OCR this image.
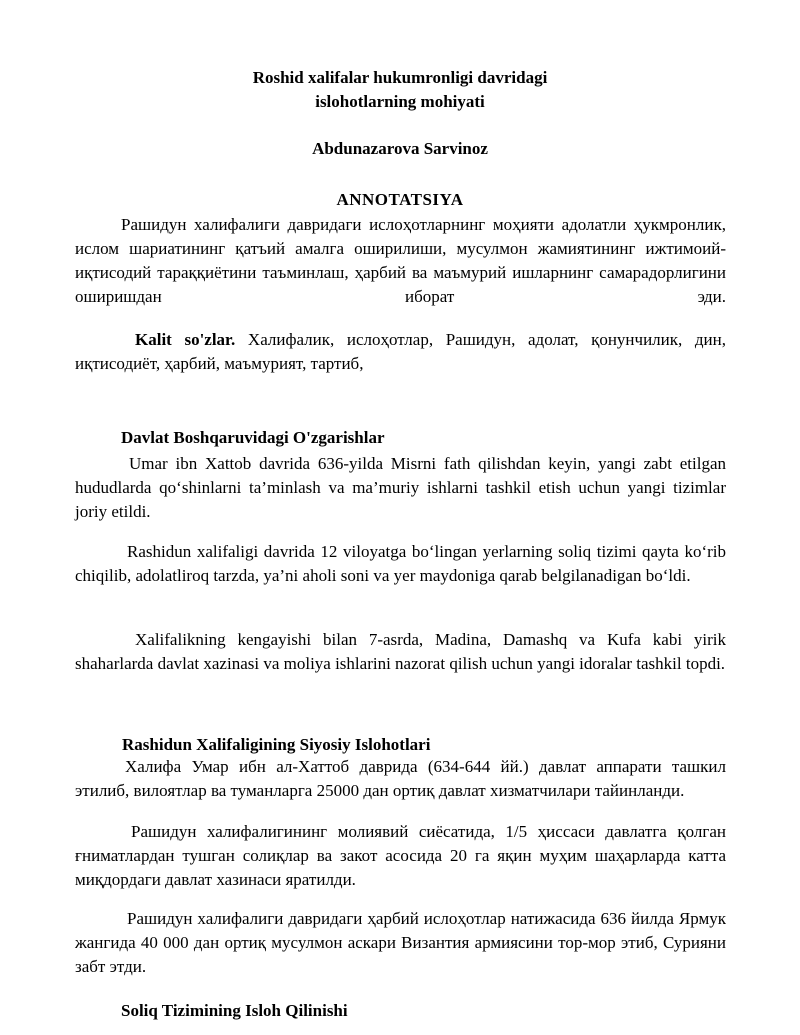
Roshid xalifalar hukumronligi davridagi
islohotlarning mohiyati
Abdunazarova Sarvinoz
ANNOTATSIYA
Рашидун халифалиги давридаги ислоҳотларнинг моҳияти адолатли ҳукмронлик, ислом шариатининг қатъий амалга оширилиши, мусулмон жамиятининг ижтимоий-иқтисодий тараққиётини таъминлаш, ҳарбий ва маъмурий ишларнинг самарадорлигини оширишдан иборат эди.
Kalit so'zlar. Халифалик, ислоҳотлар, Рашидун, адолат, қонунчилик, дин, иқтисодиёт, ҳарбий, маъмурият, тартиб,
Davlat Boshqaruvidagi O'zgarishlar
Umar ibn Xattob davrida 636-yilda Misrni fath qilishdan keyin, yangi zabt etilgan hududlarda qo‘shinlarni ta’minlash va ma’muriy ishlarni tashkil etish uchun yangi tizimlar joriy etildi.
Rashidun xalifaligi davrida 12 viloyatga bo‘lingan yerlarning soliq tizimi qayta ko‘rib chiqilib, adolatliroq tarzda, ya’ni aholi soni va yer maydoniga qarab belgilanadigan bo‘ldi.
Xalifalikning kengayishi bilan 7-asrda, Madina, Damashq va Kufa kabi yirik shaharlarda davlat xazinasi va moliya ishlarini nazorat qilish uchun yangi idoralar tashkil topdi.
Rashidun Xalifaligining Siyosiy Islohotlari
Халифа Умар ибн ал-Хаттоб даврида (634-644 йй.) давлат аппарати ташкил этилиб, вилоятлар ва туманларга 25000 дан ортиқ давлат хизматчилари тайинланди.
Рашидун халифалигининг молиявий сиёсатида, 1/5 ҳиссаси давлатга қолган ғниматлардан тушган солиқлар ва закот асосида 20 га яқин муҳим шаҳарларда катта миқдордаги давлат хазинаси яратилди.
Рашидун халифалиги давридаги ҳарбий ислоҳотлар натижасида 636 йилда Ярмук жангида 40 000 дан ортиқ мусулмон аскари Византия армиясини тор-мор этиб, Сурияни забт этди.
Soliq Tizimining Isloh Qilinishi
